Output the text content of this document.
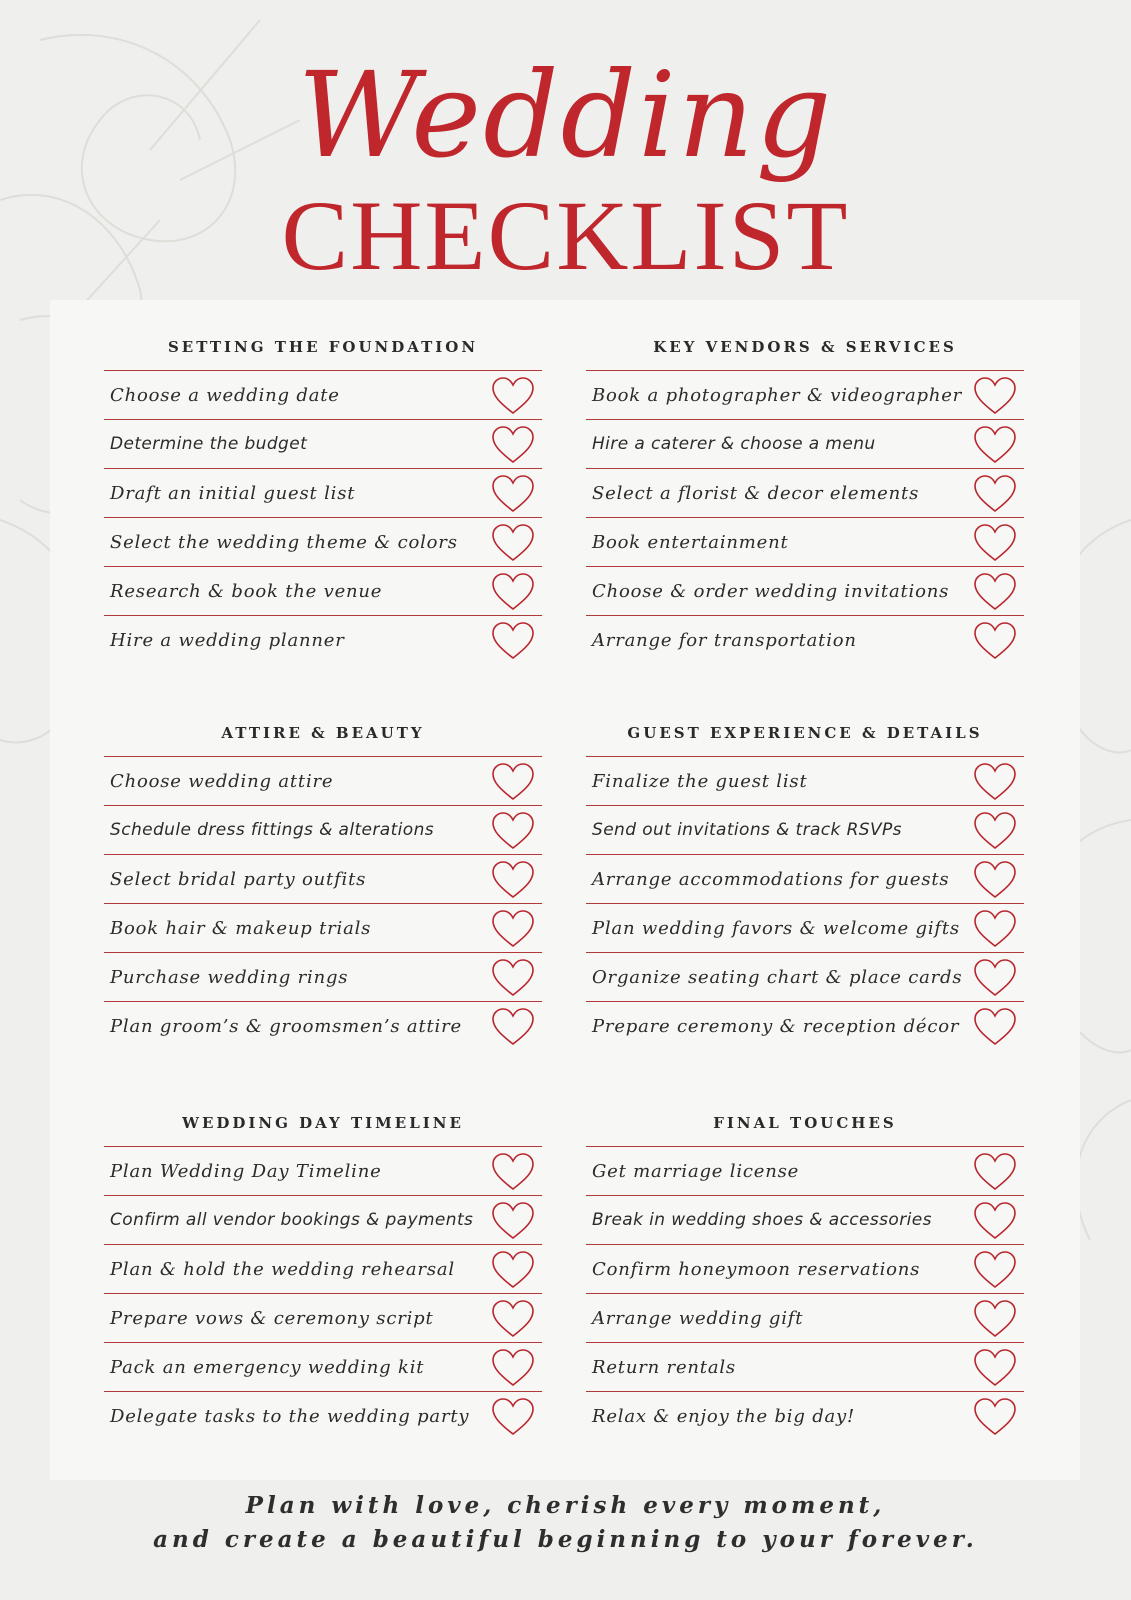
Wedding
CHECKLIST
SETTING THE FOUNDATION
Choose a wedding date
Determine the budget
Draft an initial guest list
Select the wedding theme & colors
Research & book the venue
Hire a wedding planner
KEY VENDORS & SERVICES
Book a photographer & videographer
Hire a caterer & choose a menu
Select a florist & decor elements
Book entertainment
Choose & order wedding invitations
Arrange for transportation
ATTIRE & BEAUTY
Choose wedding attire
Schedule dress fittings & alterations
Select bridal party outfits
Book hair & makeup trials
Purchase wedding rings
Plan groom’s & groomsmen’s attire
GUEST EXPERIENCE & DETAILS
Finalize the guest list
Send out invitations & track RSVPs
Arrange accommodations for guests
Plan wedding favors & welcome gifts
Organize seating chart & place cards
Prepare ceremony & reception décor
WEDDING DAY TIMELINE
Plan Wedding Day Timeline
Confirm all vendor bookings & payments
Plan & hold the wedding rehearsal
Prepare vows & ceremony script
Pack an emergency wedding kit
Delegate tasks to the wedding party
FINAL TOUCHES
Get marriage license
Break in wedding shoes & accessories
Confirm honeymoon reservations
Arrange wedding gift
Return rentals
Relax & enjoy the big day!
Plan with love, cherish every moment,
and create a beautiful beginning to your forever.
